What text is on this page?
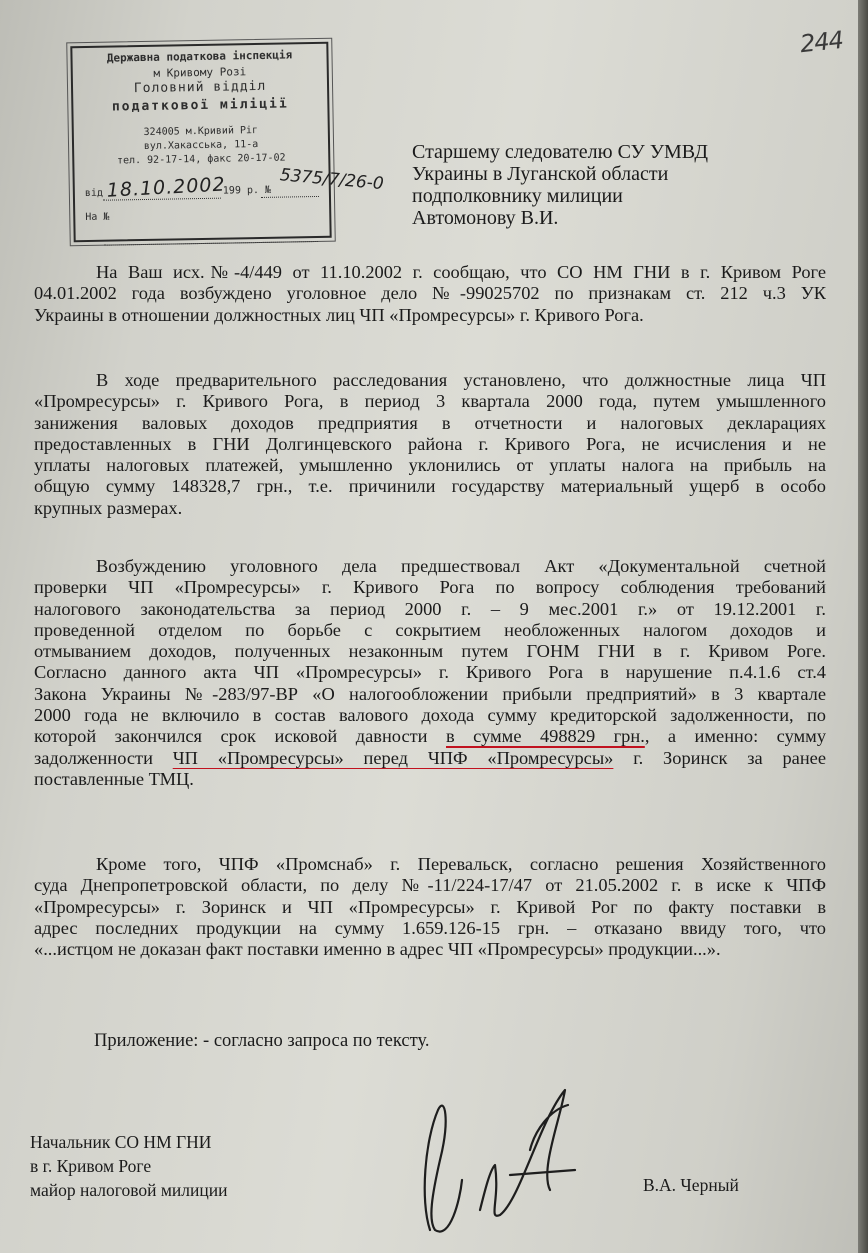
244
Державна податкова інспекція
м Кривому Розі
Головний відділ
податкової міліції
324005 м.Кривий Ріг
вул.Хакасська, 11-а
тел. 92-17-14, факс 20-17-02
від 18.10.2002
199 р. № 5375/7/26-0
На №
Старшему следователю СУ УМВД
Украины в Луганской области
подполковнику милиции
Автомонову В.И.
На Ваш исх.№-4/449 от 11.10.2002 г. сообщаю, что СО НМ ГНИ в г. Кривом Роге
04.01.2002 года возбуждено уголовное дело №-99025702 по признакам ст. 212 ч.3 УК
Украины в отношении должностных лиц ЧП «Промресурсы» г. Кривого Рога.
В ходе предварительного расследования установлено, что должностные лица ЧП
«Промресурсы» г. Кривого Рога, в период 3 квартала 2000 года, путем умышленного
занижения валовых доходов предприятия в отчетности и налоговых декларациях
предоставленных в ГНИ Долгинцевского района г. Кривого Рога, не исчисления и не
уплаты налоговых платежей, умышленно уклонились от уплаты налога на прибыль на
общую сумму 148328,7 грн., т.е. причинили государству материальный ущерб в особо
крупных размерах.
Возбуждению уголовного дела предшествовал Акт «Документальной счетной
проверки ЧП «Промресурсы» г. Кривого Рога по вопросу соблюдения требований
налогового законодательства за период 2000 г. – 9 мес.2001 г.» от 19.12.2001 г.
проведенной отделом по борьбе с сокрытием необложенных налогом доходов и
отмыванием доходов, полученных незаконным путем ГОНМ ГНИ в г. Кривом Роге.
Согласно данного акта ЧП «Промресурсы» г. Кривого Рога в нарушение п.4.1.6 ст.4
Закона Украины №-283/97-ВР «О налогообложении прибыли предприятий» в 3 квартале
2000 года не включило в состав валового дохода сумму кредиторской задолженности, по
которой закончился срок исковой давности в сумме 498829 грн., а именно: сумму
задолженности ЧП «Промресурсы» перед ЧПФ «Промресурсы» г. Зоринск за ранее
поставленные ТМЦ.
Кроме того, ЧПФ «Промснаб» г. Перевальск, согласно решения Хозяйственного
суда Днепропетровской области, по делу №-11/224-17/47 от 21.05.2002 г. в иске к ЧПФ
«Промресурсы» г. Зоринск и ЧП «Промресурсы» г. Кривой Рог по факту поставки в
адрес последних продукции на сумму 1.659.126-15 грн. – отказано ввиду того, что
«...истцом не доказан факт поставки именно в адрес ЧП «Промресурсы» продукции...».
Приложение: - согласно запроса по тексту.
Начальник СО НМ ГНИ
в г. Кривом Роге
майор налоговой милиции	В.А. Черный
